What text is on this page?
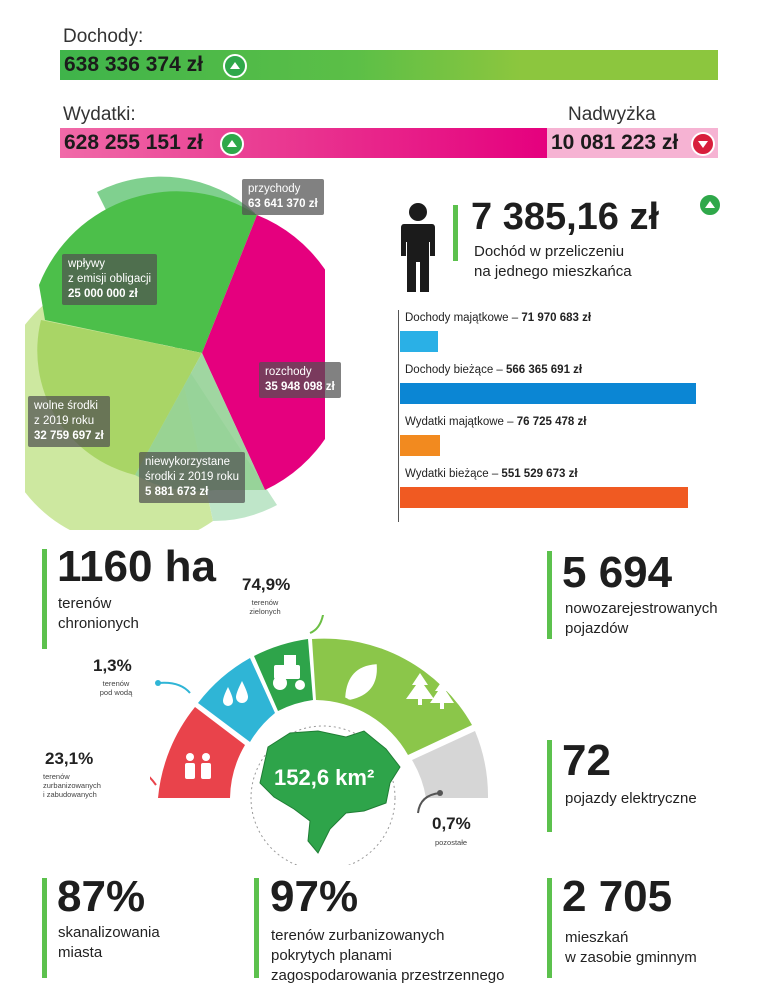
Dochody:
638 336 374 zł
Wydatki:	Nadwyżka
628 255 151 zł	10 081 223 zł
przychody
63 641 370 zł
wpływy
z emisji obligacji
25 000 000 zł
rozchody
35 948 098 zł
niewykorzystane
środki z 2019 roku
5 881 673 zł
wolne środki
z 2019 roku
32 759 697 zł
7 385,16 zł
Dochód w przeliczeniu
na jednego mieszkańca
Dochody majątkowe – 71 970 683 zł
Dochody bieżące – 566 365 691 zł
Wydatki majątkowe – 76 725 478 zł
Wydatki bieżące – 551 529 673 zł
1160 ha
terenów
chronionych
5 694
nowozarejestrowanych
pojazdów
72
pojazdy elektryczne
87%
skanalizowania
miasta
97%
terenów zurbanizowanych
pokrytych planami
zagospodarowania przestrzennego
2 705
mieszkań
w zasobie gminnym
152,6 km²
74,9%
terenów
zielonych
1,3%
terenów
pod wodą
23,1%
terenów
zurbanizowanych
i zabudowanych
0,7%
pozostałe
